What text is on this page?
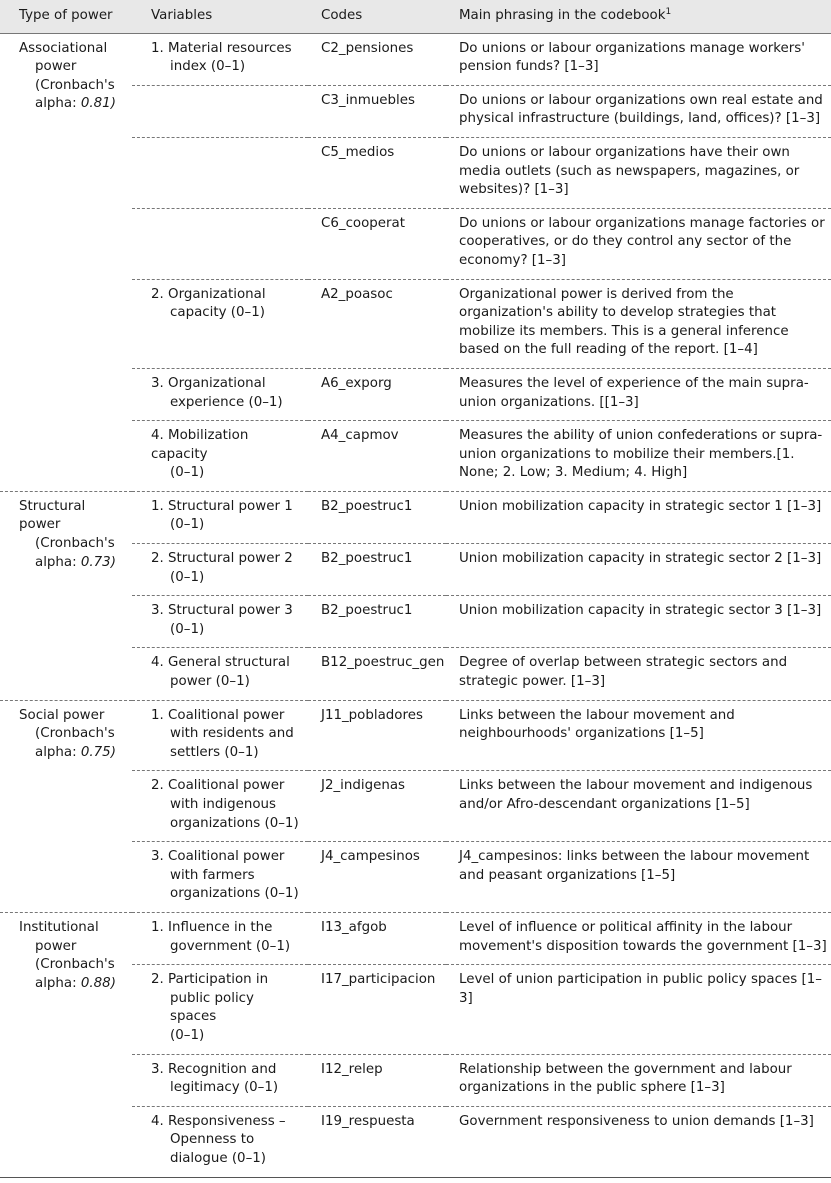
Type of power	Variables	Codes	Main phrasing in the codebook$^1$

Associational
power
(Cronbach's
alpha: 0.81)	1. Material resources
index (0–1)	C2_pensiones	Do unions or labour organizations manage workers' pension funds? [1–3]
		C3_inmuebles	Do unions or labour organizations own real estate and physical infrastructure (buildings, land, offices)? [1–3]
		C5_medios	Do unions or labour organizations have their own media outlets (such as newspapers, magazines, or websites)? [1–3]
		C6_cooperat	Do unions or labour organizations manage factories or cooperatives, or do they control any sector of the economy? [1–3]

	2. Organizational
capacity (0–1)	A2_poasoc	Organizational power is derived from the organization's ability to develop strategies that mobilize its members. This is a general inference based on the full reading of the report. [1–4]

	3. Organizational
experience (0–1)	A6_exporg	Measures the level of experience of the main supra-union organizations. [[1–3]

	4. Mobilization capacity
(0–1)	A4_capmov	Measures the ability of union confederations or supra-union organizations to mobilize their members.[1. None; 2. Low; 3. Medium; 4. High]

Structural power
(Cronbach's
alpha: 0.73)	1. Structural power 1
(0–1)	B2_poestruc1	Union mobilization capacity in strategic sector 1 [1–3]

	2. Structural power 2
(0–1)	B2_poestruc1	Union mobilization capacity in strategic sector 2 [1–3]

	3. Structural power 3
(0–1)	B2_poestruc1	Union mobilization capacity in strategic sector 3 [1–3]

	4. General structural
power (0–1)	B12_poestruc_gen	Degree of overlap between strategic sectors and strategic power. [1–3]

Social power
(Cronbach's
alpha: 0.75)	1. Coalitional power
with residents and
settlers (0–1)	J11_pobladores	Links between the labour movement and neighbourhoods' organizations [1–5]

	2. Coalitional power
with indigenous
organizations (0–1)	J2_indigenas	Links between the labour movement and indigenous and/or Afro-descendant organizations [1–5]

	3. Coalitional power
with farmers
organizations (0–1)	J4_campesinos	J4_campesinos: links between the labour movement and peasant organizations [1–5]

Institutional
power
(Cronbach's
alpha: 0.88)	1. Influence in the
government (0–1)	I13_afgob	Level of influence or political affinity in the labour movement's disposition towards the government [1–3]

	2. Participation in
public policy spaces
(0–1)	I17_participacion	Level of union participation in public policy spaces [1–3]

	3. Recognition and
legitimacy (0–1)	I12_relep	Relationship between the government and labour organizations in the public sphere [1–3]

	4. Responsiveness –
Openness to
dialogue (0–1)	I19_respuesta	Government responsiveness to union demands [1–3]
